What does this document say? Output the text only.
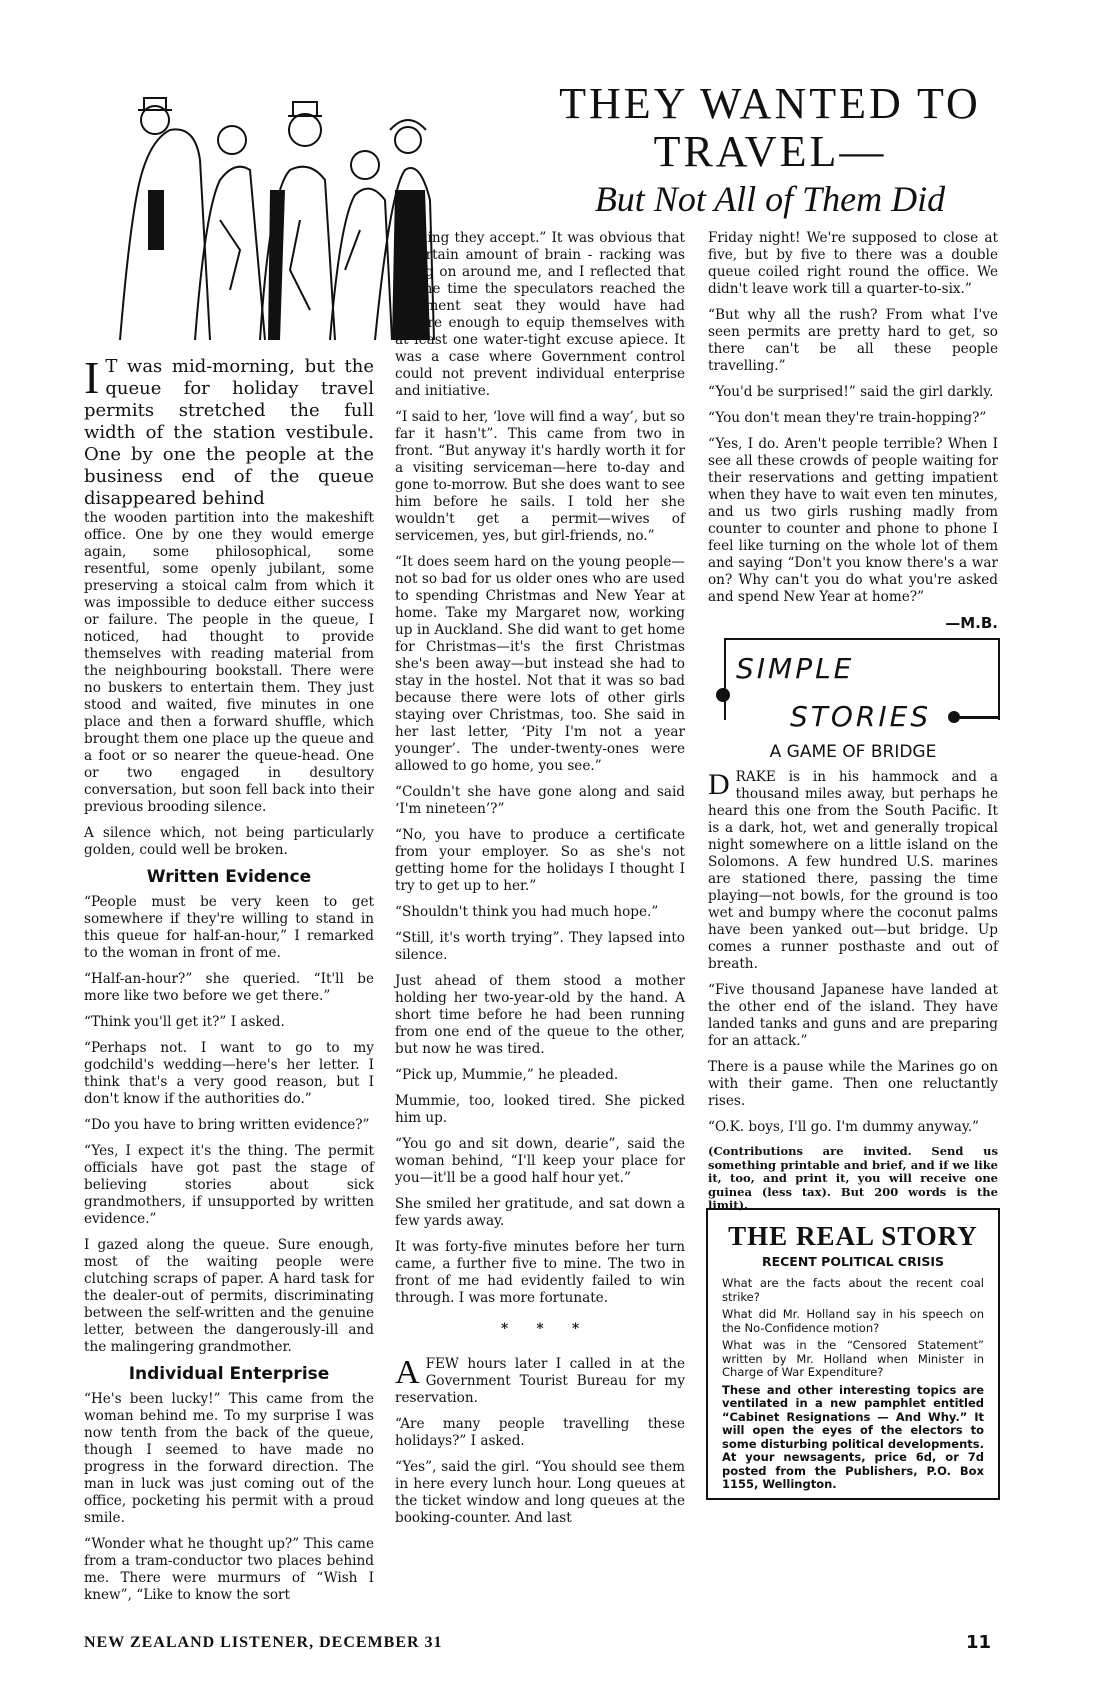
THEY WANTED TO
TRAVEL—
But Not All of Them Did

I T was mid-morning, but the queue for holiday travel permits stretched the full width of the station vestibule. One by one the people at the business end of the queue disappeared behind

the wooden partition into the makeshift office. One by one they would emerge again, some philosophical, some resentful, some openly jubilant, some preserving a stoical calm from which it was impossible to deduce either success or failure. The people in the queue, I noticed, had thought to provide themselves with reading material from the neighbouring bookstall. There were no buskers to entertain them. They just stood and waited, five minutes in one place and then a forward shuffle, which brought them one place up the queue and a foot or so nearer the queue-head. One or two engaged in desultory conversation, but soon fell back into their previous brooding silence.

A silence which, not being particularly golden, could well be broken.

Written Evidence

“People must be very keen to get somewhere if they're willing to stand in this queue for half-an-hour,” I remarked to the woman in front of me.

“Half-an-hour?” she queried. “It'll be more like two before we get there.”

“Think you'll get it?” I asked.

“Perhaps not. I want to go to my godchild's wedding—here's her letter. I think that's a very good reason, but I don't know if the authorities do.”

“Do you have to bring written evidence?”

“Yes, I expect it's the thing. The permit officials have got past the stage of believing stories about sick grandmothers, if unsupported by written evidence.”

I gazed along the queue. Sure enough, most of the waiting people were clutching scraps of paper. A hard task for the dealer-out of permits, discriminating between the self-written and the genuine letter, between the dangerously-ill and the malingering grandmother.

Individual Enterprise

“He's been lucky!” This came from the woman behind me. To my surprise I was now tenth from the back of the queue, though I seemed to have made no progress in the forward direction. The man in luck was just coming out of the office, pocketing his permit with a proud smile.

“Wonder what he thought up?” This came from a tram-conductor two places behind me. There were murmurs of “Wish I knew”, “Like to know the sort

of thing they accept.” It was obvious that a certain amount of brain - racking was going on around me, and I reflected that by the time the speculators reached the judgment seat they would have had leisure enough to equip themselves with at least one water-tight excuse apiece. It was a case where Government control could not prevent individual enterprise and initiative.

“I said to her, ‘love will find a way’, but so far it hasn't”. This came from two in front. “But anyway it's hardly worth it for a visiting serviceman—here to-day and gone to-morrow. But she does want to see him before he sails. I told her she wouldn't get a permit—wives of servicemen, yes, but girl-friends, no.”

“It does seem hard on the young people—not so bad for us older ones who are used to spending Christmas and New Year at home. Take my Margaret now, working up in Auckland. She did want to get home for Christmas—it's the first Christmas she's been away—but instead she had to stay in the hostel. Not that it was so bad because there were lots of other girls staying over Christmas, too. She said in her last letter, ‘Pity I'm not a year younger’. The under-twenty-ones were allowed to go home, you see.”

“Couldn't she have gone along and said ‘I'm nineteen’?”

“No, you have to produce a certificate from your employer. So as she's not getting home for the holidays I thought I try to get up to her.”

“Shouldn't think you had much hope.”

“Still, it's worth trying”. They lapsed into silence.

Just ahead of them stood a mother holding her two-year-old by the hand. A short time before he had been running from one end of the queue to the other, but now he was tired.

“Pick up, Mummie,” he pleaded.

Mummie, too, looked tired. She picked him up.

“You go and sit down, dearie”, said the woman behind, “I'll keep your place for you—it'll be a good half hour yet.”

She smiled her gratitude, and sat down a few yards away.

It was forty-five minutes before her turn came, a further five to mine. The two in front of me had evidently failed to win through. I was more fortunate.

*      *      *

AFEW hours later I called in at the Government Tourist Bureau for my reservation.

“Are many people travelling these holidays?” I asked.

“Yes”, said the girl. “You should see them in here every lunch hour. Long queues at the ticket window and long queues at the booking-counter. And last

Friday night! We're supposed to close at five, but by five to there was a double queue coiled right round the office. We didn't leave work till a quarter-to-six.”

“But why all the rush? From what I've seen permits are pretty hard to get, so there can't be all these people travelling.”

“You'd be surprised!” said the girl darkly.

“You don't mean they're train-hopping?”

“Yes, I do. Aren't people terrible? When I see all these crowds of people waiting for their reservations and getting impatient when they have to wait even ten minutes, and us two girls rushing madly from counter to counter and phone to phone I feel like turning on the whole lot of them and saying “Don't you know there's a war on? Why can't you do what you're asked and spend New Year at home?”

—M.B.
SIMPLE
STORIES
A GAME OF BRIDGE

DRAKE is in his hammock and a thousand miles away, but perhaps he heard this one from the South Pacific. It is a dark, hot, wet and generally tropical night somewhere on a little island on the Solomons. A few hundred U.S. marines are stationed there, passing the time playing—not bowls, for the ground is too wet and bumpy where the coconut palms have been yanked out—but bridge. Up comes a runner posthaste and out of breath.

“Five thousand Japanese have landed at the other end of the island. They have landed tanks and guns and are preparing for an attack.”

There is a pause while the Marines go on with their game. Then one reluctantly rises.

“O.K. boys, I'll go. I'm dummy anyway.”

(Contributions are invited. Send us something printable and brief, and if we like it, too, and print it, you will receive one guinea (less tax). But 200 words is the limit).

THE REAL STORY
RECENT POLITICAL CRISIS

What are the facts about the recent coal strike?

What did Mr. Holland say in his speech on the No-Confidence motion?

What was in the “Censored Statement” written by Mr. Holland when Minister in Charge of War Expenditure?

These and other interesting topics are ventilated in a new pamphlet entitled “Cabinet Resignations — And Why.” It will open the eyes of the electors to some disturbing political developments. At your newsagents, price 6d, or 7d posted from the Publishers, P.O. Box 1155, Wellington.

NEW ZEALAND LISTENER, DECEMBER 31	11
